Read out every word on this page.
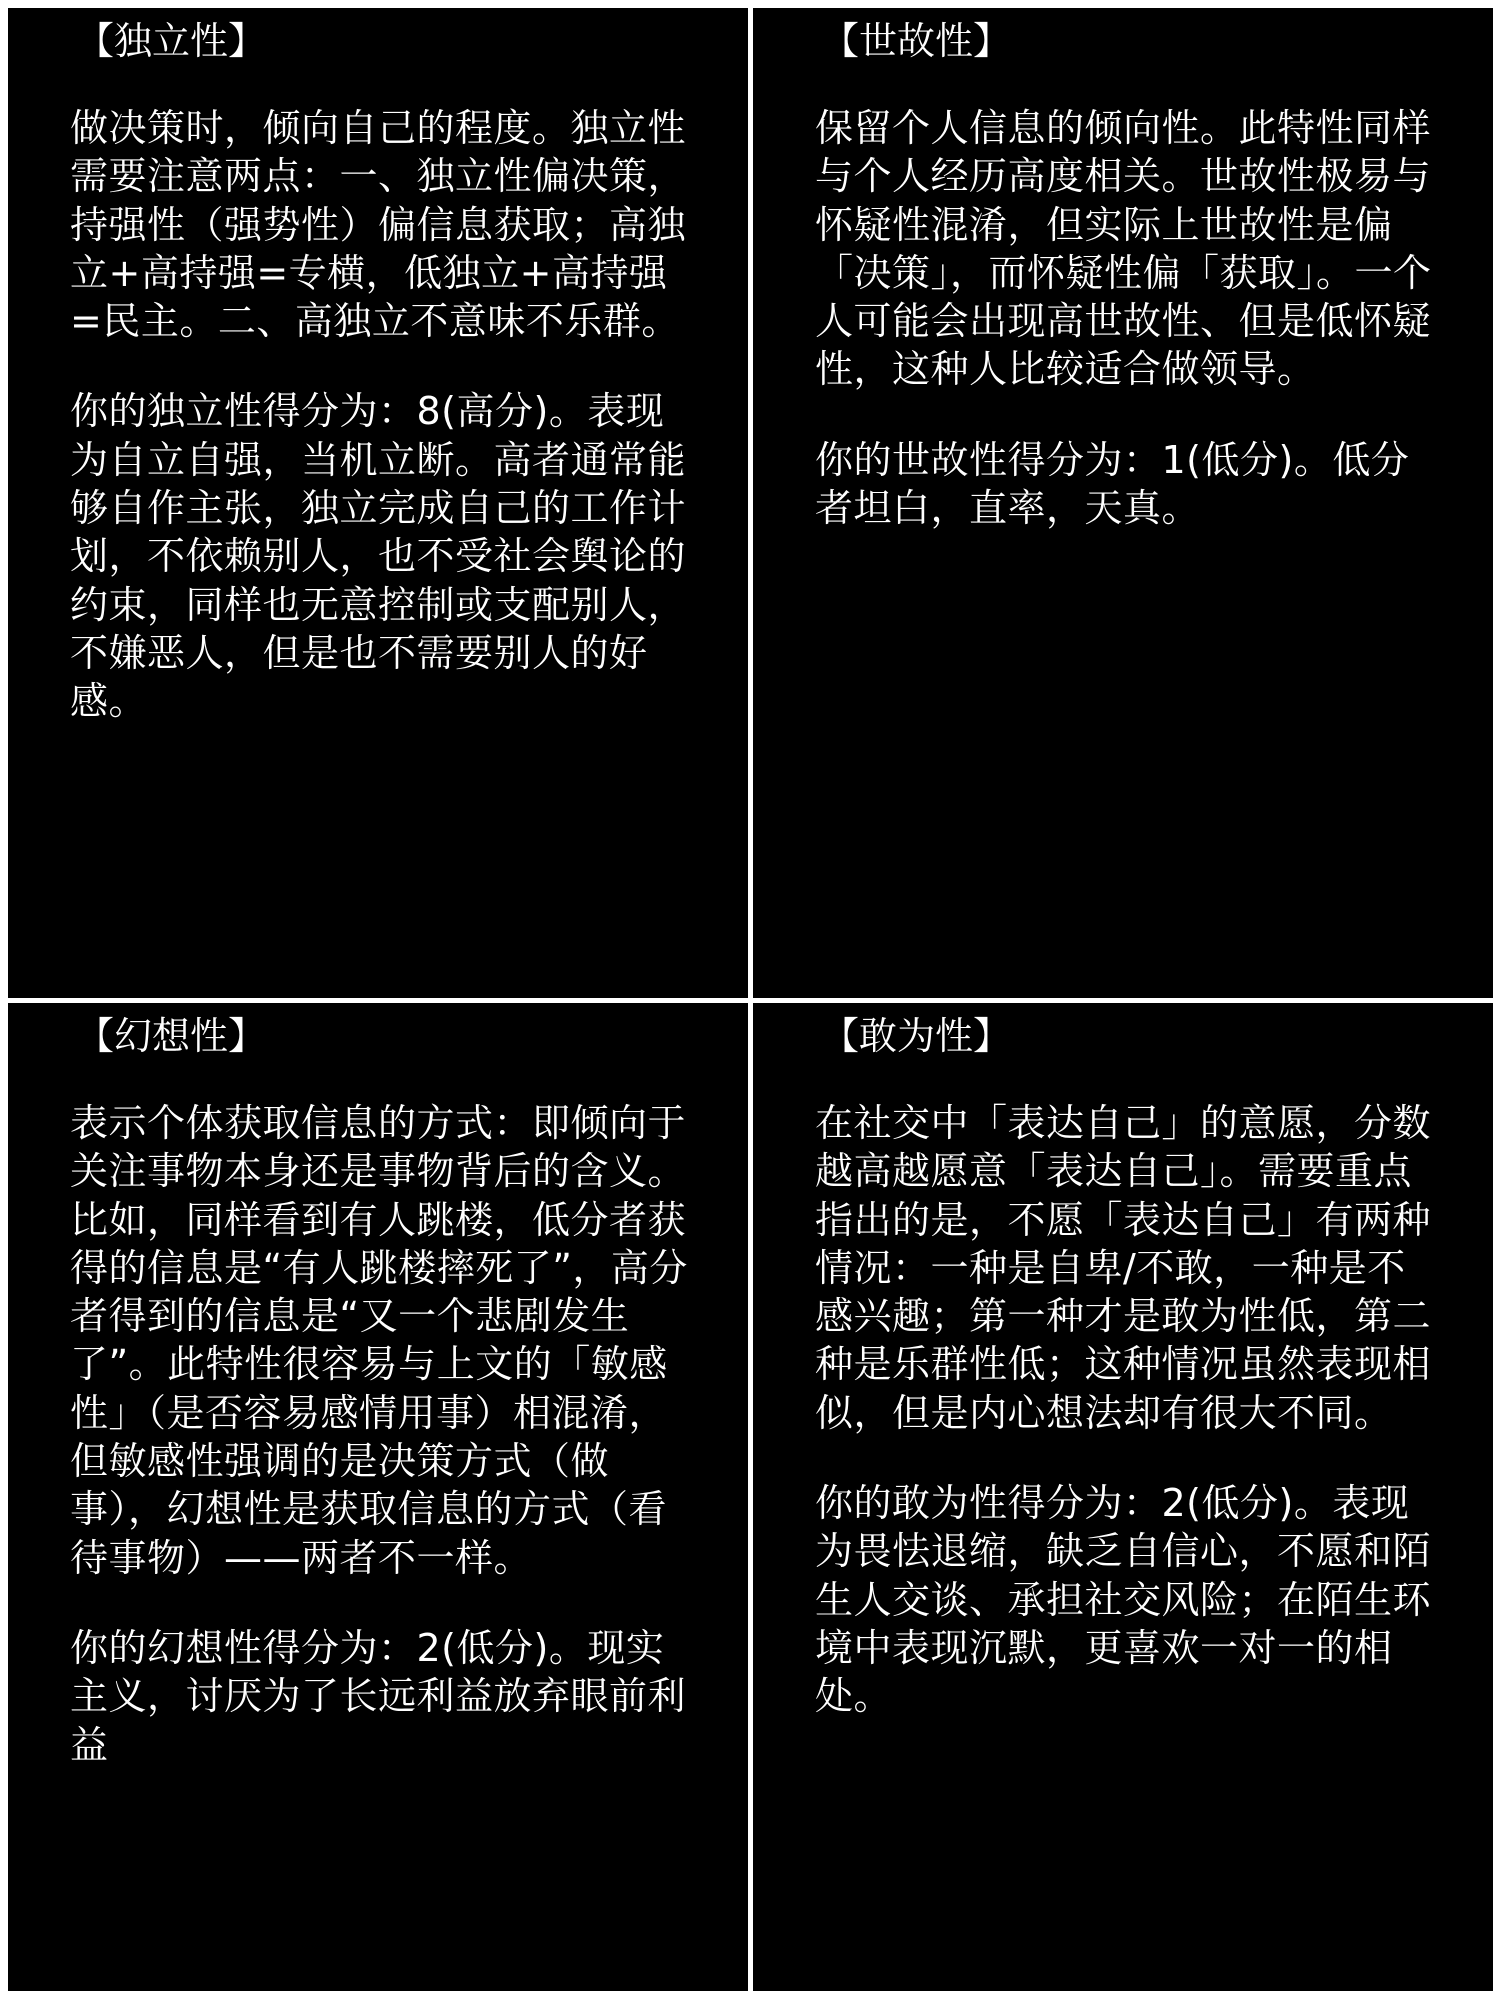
【独立性】

做决策时，倾向自己的程度。独立性需要注意两点：一、独立性偏决策，持强性（强势性）偏信息获取；高独立+高持强=专横，低独立+高持强=民主。二、高独立不意味不乐群。

你的独立性得分为：8(高分)。表现为自立自强，当机立断。高者通常能够自作主张，独立完成自己的工作计划，不依赖别人，也不受社会舆论的约束，同样也无意控制或支配别人，不嫌恶人，但是也不需要别人的好感。

【世故性】

保留个人信息的倾向性。此特性同样与个人经历高度相关。世故性极易与怀疑性混淆，但实际上世故性是偏「决策」，而怀疑性偏「获取」。一个人可能会出现高世故性、但是低怀疑性，这种人比较适合做领导。

你的世故性得分为：1(低分)。低分者坦白，直率，天真。

【幻想性】

表示个体获取信息的方式：即倾向于关注事物本身还是事物背后的含义。比如，同样看到有人跳楼，低分者获得的信息是“有人跳楼摔死了”，高分者得到的信息是“又一个悲剧发生了”。此特性很容易与上文的「敏感性」（是否容易感情用事）相混淆，但敏感性强调的是决策方式（做事），幻想性是获取信息的方式（看待事物）——两者不一样。

你的幻想性得分为：2(低分)。现实主义，讨厌为了长远利益放弃眼前利益

【敢为性】

在社交中「表达自己」的意愿，分数越高越愿意「表达自己」。需要重点指出的是，不愿「表达自己」有两种情况：一种是自卑/不敢，一种是不感兴趣；第一种才是敢为性低，第二种是乐群性低；这种情况虽然表现相似，但是内心想法却有很大不同。

你的敢为性得分为：2(低分)。表现为畏怯退缩，缺乏自信心，不愿和陌生人交谈、承担社交风险；在陌生环境中表现沉默，更喜欢一对一的相处。
